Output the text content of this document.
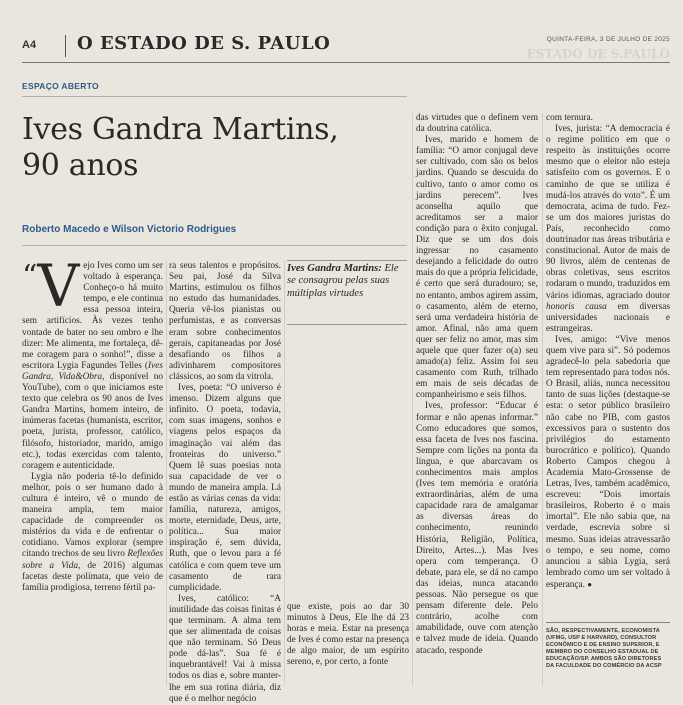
A4 O ESTADO DE S. PAULO	QUINTA-FEIRA, 3 DE JULHO DE 2025
ESTADO DE S.PAULO
ESPAÇO ABERTO
Ives Gandra Martins,
90 anos
Roberto Macedo e Wilson Victorio Rodrigues

“ V ejo Ives como um ser voltado à esperança. Conheço-o há muito tempo, e ele continua essa pessoa inteira, sem artifícios. Às vezes tenho vontade de bater no seu ombro e lhe dizer: Me alimenta, me fortaleça, dê-me coragem para o sonho!”, disse a escritora Lygia Fagundes Telles (Ives Gandra, Vida&Obra, disponível no YouTube), com o que iniciamos este texto que celebra os 90 anos de Ives Gandra Martins, homem inteiro, de inúmeras facetas (humanista, escritor, poeta, jurista, professor, católico, filósofo, historiador, marido, amigo etc.), todas exercidas com talento, coragem e autenticidade.

Lygia não poderia tê-lo definido melhor, pois o ser humano dado à cultura é inteiro, vê o mundo de maneira ampla, tem maior capacidade de compreender os mistérios da vida e de enfrentar o cotidiano. Vamos explorar (sempre citando trechos de seu livro Reflexões sobre a Vida, de 2016) algumas facetas deste polímata, que veio de família prodigiosa, terreno fértil pa-

ra seus talentos e propósitos. Seu pai, José da Silva Martins, estimulou os filhos no estudo das humanidades. Queria vê-los pianistas ou perfumistas, e as conversas eram sobre conhecimentos gerais, capitaneadas por José desafiando os filhos a adivinharem compositores clássicos, ao som da vitrola.

Ives, poeta: “O universo é imenso. Dizem alguns que infinito. O poeta, todavia, com suas imagens, sonhos e viagens pelos espaços da imaginação vai além das fronteiras do universo.” Quem lê suas poesias nota sua capacidade de ver o mundo de maneira ampla. Lá estão as várias cenas da vida: família, natureza, amigos, morte, eternidade, Deus, arte, política... Sua maior inspiração é, sem dúvida, Ruth, que o levou para a fé católica e com quem teve um casamento de rara cumplicidade.

Ives, católico: “A inutilidade das coisas finitas é que terminam. A alma tem que ser alimentada de coisas que não terminam. Só Deus pode dá-las”. Sua fé é inquebrantável! Vai à missa todos os dias e, sobre manter-lhe em sua rotina diária, diz que é o melhor negócio

Ives Gandra Martins: Ele se consagrou pelas suas múltiplas virtudes

que existe, pois ao dar 30 minutos à Deus, Ele lhe dá 23 horas e meia. Estar na presença de Ives é como estar na presença de algo maior, de um espírito sereno, e, por certo, a fonte

das virtudes que o definem vem da doutrina católica.

Ives, marido e homem de família: “O amor conjugal deve ser cultivado, com são os belos jardins. Quando se descuida do cultivo, tanto o amor como os jardins perecem”. Ives aconselha aquilo que acreditamos ser a maior condição para o êxito conjugal. Diz que se um dos dois ingressar no casamento desejando a felicidade do outro mais do que a própria felicidade, é certo que será duradouro; se, no entanto, ambos agirem assim, o casamento, além de eterno, será uma verdadeira história de amor. Afinal, não ama quem quer ser feliz no amor, mas sim aquele que quer fazer o(a) seu amado(a) feliz. Assim foi seu casamento com Ruth, trilhado em mais de seis décadas de companheirismo e seis filhos.

Ives, professor: “Educar é formar e não apenas informar.” Como educadores que somos, essa faceta de Ives nos fascina. Sempre com lições na ponta da língua, e que abarcavam os conhecimentos mais amplos (Ives tem memória e oratória extraordinárias, além de uma capacidade rara de amalgamar as diversas áreas do conhecimento, reunindo História, Religião, Política, Direito, Artes...). Mas Ives opera com temperança. O debate, para ele, se dá no campo das ideias, nunca atacando pessoas. Não persegue os que pensam diferente dele. Pelo contrário, acolhe com amabilidade, ouve com atenção e talvez mude de ideia. Quando atacado, responde

com ternura.

Ives, jurista: “A democracia é o regime político em que o respeito às instituições ocorre mesmo que o eleitor não esteja satisfeito com os governos. E o caminho de que se utiliza é mudá-los através do voto”. É um democrata, acima de tudo. Fez-se um dos maiores juristas do País, reconhecido como doutrinador nas áreas tributária e constitucional. Autor de mais de 90 livros, além de centenas de obras coletivas, seus escritos rodaram o mundo, traduzidos em vários idiomas, agraciado doutor honoris causa em diversas universidades nacionais e estrangeiras.

Ives, amigo: “Vive menos quem vive para si”. Só podemos agradecê-lo pela sabedoria que tem representado para todos nós. O Brasil, aliás, nunca necessitou tanto de suas lições (destaque-se esta: o setor público brasileiro não cabe no PIB, com gastos excessivos para o sustento dos privilégios do estamento burocrático e político). Quando Roberto Campos chegou à Academia Mato-Grossense de Letras, Ives, também acadêmico, escreveu: “Dois imortais brasileiros, Roberto é o mais imortal”. Ele não sabia que, na verdade, escrevia sobre si mesmo. Suas ideias atravessarão o tempo, e seu nome, como anunciou a sábia Lygia, será lembrado como um ser voltado à esperança. ●

SÃO, RESPECTIVAMENTE, ECONOMISTA (UFMG, USP E HARVARD), CONSULTOR ECONÔMICO E DE ENSINO SUPERIOR, E MEMBRO DO CONSELHO ESTADUAL DE EDUCAÇÃO/SP. AMBOS SÃO DIRETORES DA FACULDADE DO COMÉRCIO DA ACSP
